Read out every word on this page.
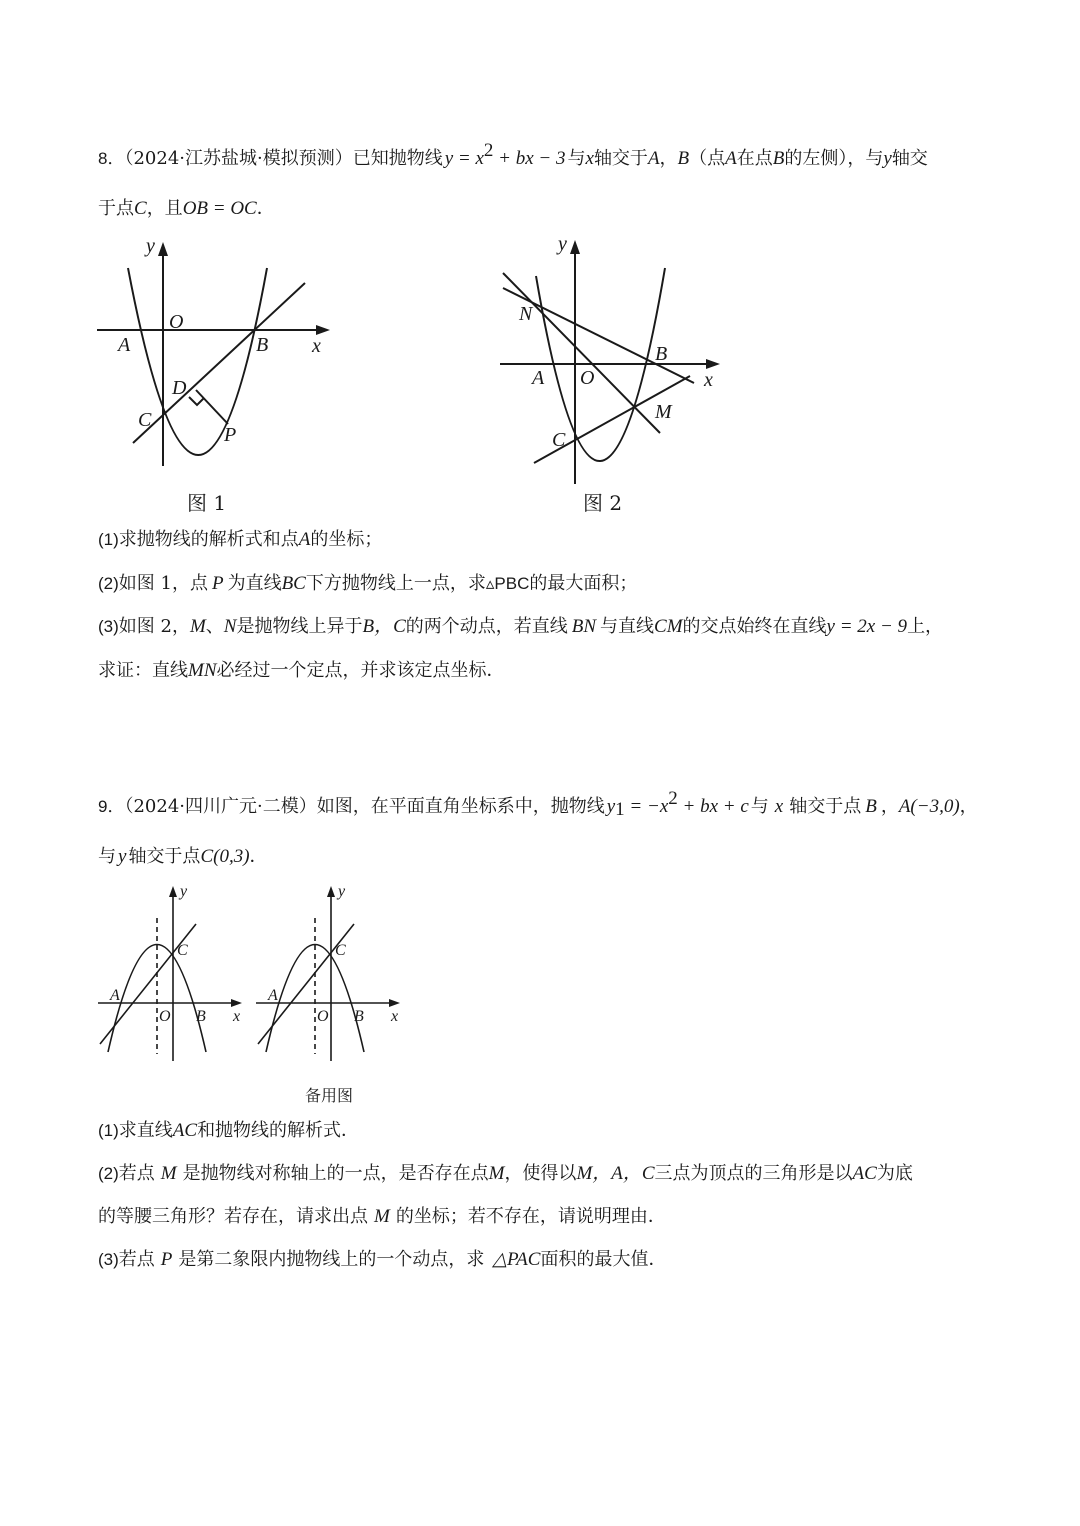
8．（2024·江苏盐城·模拟预测）已知抛物线 $y = x^2$ + bx − 3 与x轴交于A，B（点A在点B的左侧），与y轴交
于点C，且OB = OC．
y
x
O
A	B
C
D
P
图 1
y
x
O
A
B
C
M
N
图 2
(1)求抛物线的解析式和点A的坐标；
(2)如图 1，点 P 为直线BC下方抛物线上一点，求▵PBC的最大面积；
(3)如图 2，M、N是抛物线上异于B，C的两个动点，若直线 BN 与直线CM的交点始终在直线y = 2x − 9上，
求证：直线MN必经过一个定点，并求该定点坐标．
9．（2024·四川广元·二模）如图，在平面直角坐标系中，抛物线 $y_1 = -x^2$ + bx + c 与 x 轴交于点 B ，A(−3,0)，
与 y 轴交于点C(0,3)．
y
x
O
A
B
C
y
x
O
A
B
C
备用图
(1)求直线AC和抛物线的解析式．
(2)若点 M 是抛物线对称轴上的一点，是否存在点M，使得以M，A，C三点为顶点的三角形是以AC为底
的等腰三角形？若存在，请求出点 M 的坐标；若不存在，请说明理由．
(3)若点 P 是第二象限内抛物线上的一个动点，求 △PAC面积的最大值．
